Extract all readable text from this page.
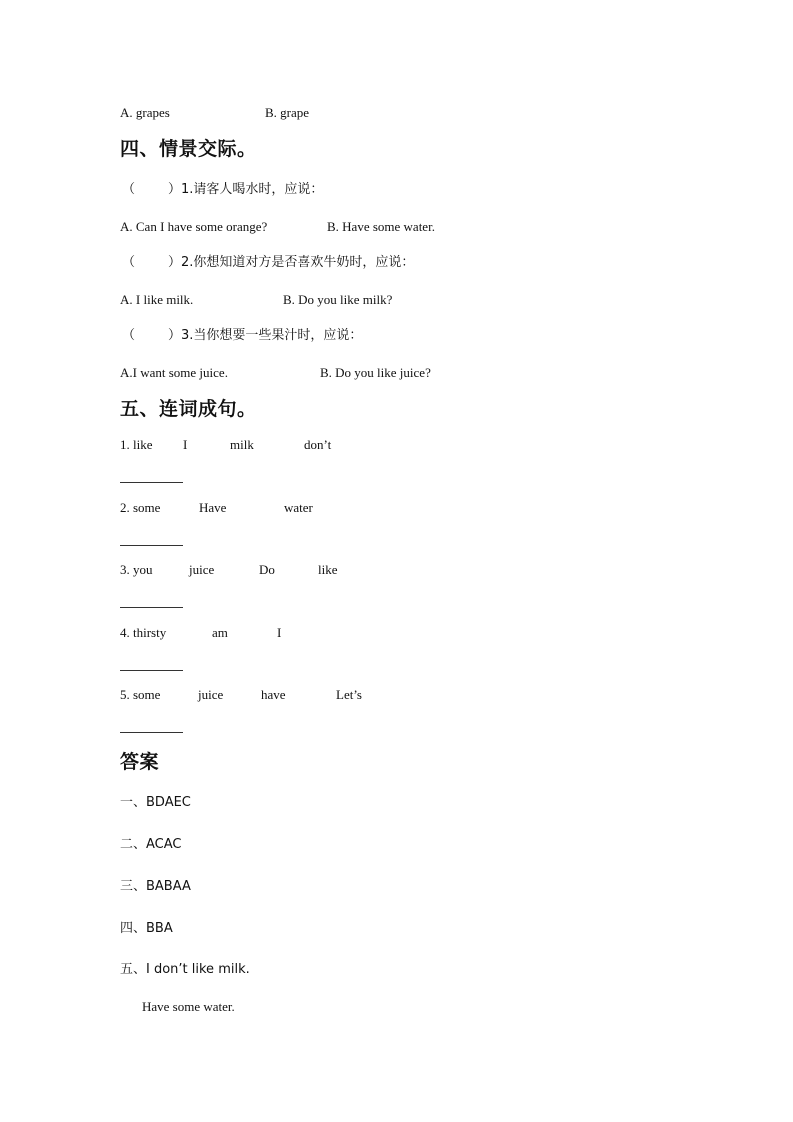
A. grapes	B. grape
四、情景交际。
（	）1.请客人喝水时，应说：
A. Can I have some orange?	B. Have some water.
（	）2.你想知道对方是否喜欢牛奶时，应说：
A. I like milk.	B. Do you like milk?
（	）3.当你想要一些果汁时，应说：
A.I want some juice.	B. Do you like juice?
五、连词成句。
1. like I	milk	don’t
2. some	Have	water
3. you	juice	Do	like
4. thirsty	am	I
5. some	juice	have	Let’s
答案
一、BDAEC
二、ACAC
三、BABAA
四、BBA
五、I don’t like milk.
Have some water.
